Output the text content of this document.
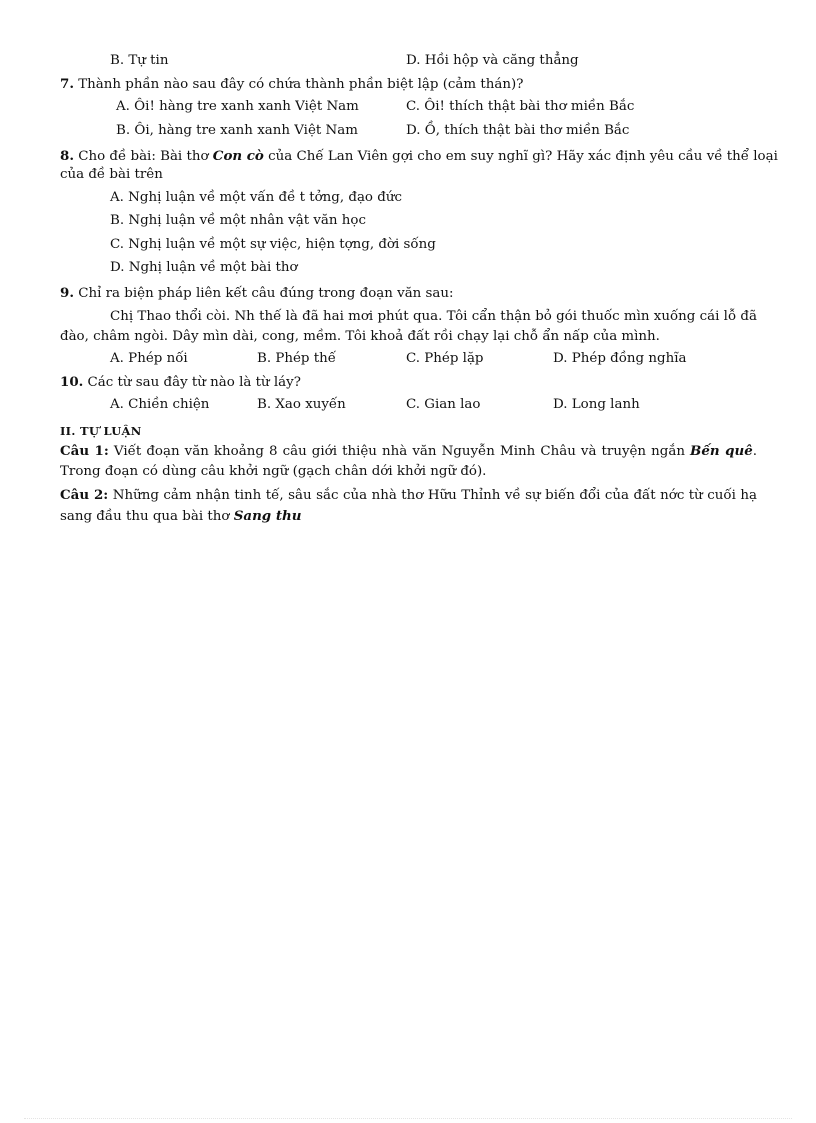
B. Tự tin	D. Hồi hộp và căng thẳng
7. Thành phần nào sau đây có chứa thành phần biệt lập (cảm thán)?
A. Ôi! hàng tre xanh xanh Việt Nam	C. Ôi! thích thật bài thơ miền Bắc
B. Ôi, hàng tre xanh xanh Việt Nam	D. Ồ, thích thật bài thơ miền Bắc
8. Cho đề bài: Bài thơ Con cò của Chế Lan Viên gợi cho em suy nghĩ gì? Hãy xác định yêu cầu về thể loại
của đề bài trên
A. Nghị luận về một vấn đề t tởng, đạo đức
B. Nghị luận về một nhân vật văn học
C. Nghị luận về một sự việc, hiện tợng, đời sống
D. Nghị luận về một bài thơ
9. Chỉ ra biện pháp liên kết câu đúng trong đoạn văn sau:
Chị Thao thổi còi. Nh thế là đã hai mơi phút qua. Tôi cẩn thận bỏ gói thuốc mìn xuống cái lỗ đã đào, châm ngòi. Dây mìn dài, cong, mềm. Tôi khoả đất rồi chạy lại chỗ ẩn nấp của mình.
A. Phép nối	B. Phép thế	C. Phép lặp	D. Phép đồng nghĩa
10. Các từ sau đây từ nào là từ láy?
A. Chiền chiện	B. Xao xuyến	C. Gian lao	D. Long lanh
II. TỰ LUẬN
Câu 1: Viết đoạn văn khoảng 8 câu giới thiệu nhà văn Nguyễn Minh Châu và truyện ngắn Bến quê. Trong đoạn có dùng câu khởi ngữ (gạch chân dới khởi ngữ đó).
Câu 2: Những cảm nhận tinh tế, sâu sắc của nhà thơ Hữu Thỉnh về sự biến đổi của đất nớc từ cuối hạ sang đầu thu qua bài thơ Sang thu
